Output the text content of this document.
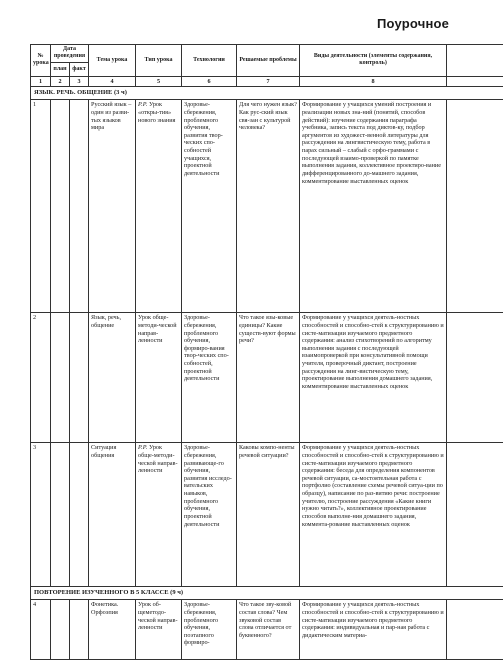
Поурочное
№ урока	Дата проведения		Тема урока	Тип урока	Технологии	Решаемые проблемы	Виды деятельности (элементы содержания, контроль)	
	план	факт						
1	2	3	4	5	6	7	8	
ЯЗЫК. РЕЧЬ. ОБЩЕНИЕ (3 ч)								
1			Русский язык – один из разви-тых языков мира	Р.Р. Урок «откры-тия» нового знания	Здоровье-сбережения, проблемного обучения, развития твор-ческих спо-собностей учащихся, проектной деятельности	Для чего нужен язык? Как рус-ский язык свя-зан с культурой человека?	Формирование у учащихся умений построения и реализации новых зна-ний (понятий, способов действий): изучение содержания параграфа учебника, запись текста под диктов-ку, подбор аргументов из художест-венной литературы для рассуждения на лингвистическую тему, работа в парах сильный – слабый с орфо-граммами с последующей взаимо-проверкой по памятке выполнения задания, коллективное проектиро-вание дифференцированного до-машнего задания, комментирование выставленных оценок	
2			Язык, речь, общение	Урок обще-методи-ческой направ-ленности	Здоровье-сбережения, проблемного обучения, формиро-вания твор-ческих спо-собностей, проектной деятельности	Что такое язы-ковые единицы? Какие существ-вуют формы речи?	Формирование у учащихся деятель-ностных способностей и способно-стей к структурированию и систе-матизации изучаемого предметного содержания: анализ стихотворений по алгоритму выполнения задания с последующей взаимопроверкой при консультативной помощи учителя, проверочный диктант, построение рассуждения на линг-вистическую тему, проектирование выполнения домашнего задания, комментирование выставленных оценок	
3			Ситуация общения	Р.Р. Урок обще-методи-ческой направ-ленности	Здоровье-сбережения, развивающе-го обучения, развития исследо-вательских навыков, проблемного обучения, проектной деятельности	Каковы компо-ненты речевой ситуации?	Формирование у учащихся деятель-ностных способностей и способно-стей к структурированию и систе-матизации изучаемого предметного содержания: беседа для определения компонентов речевой ситуации, са-мостоятельная работа с портфолио (составление схемы речевой ситуа-ции по образцу), написание по раз-витию речи: построение учителю, построение рассуждения «Какие книги нужно читать?», коллективное проектирование способов выполне-ния домашнего задания, коммента-рование выставленных оценок	
ПОВТОРЕНИЕ ИЗУЧЕННОГО В 5 КЛАССЕ (9 ч)								
4			Фонетика. Орфоэпия	Урок об-щеметодо-ческой направ-ленности	Здоровье-сбережения, проблемного обучения, поэтапного формиро-	Что такое зву-ковой состав слова? Чем звуковой состав слова отличается от буквенного?	Формирование у учащихся деятель-ностных способностей и способно-стей к структурированию и систе-матизации изучаемого предметного содержания: индивидуальная и пар-ная работа с дидактическим материа-	
